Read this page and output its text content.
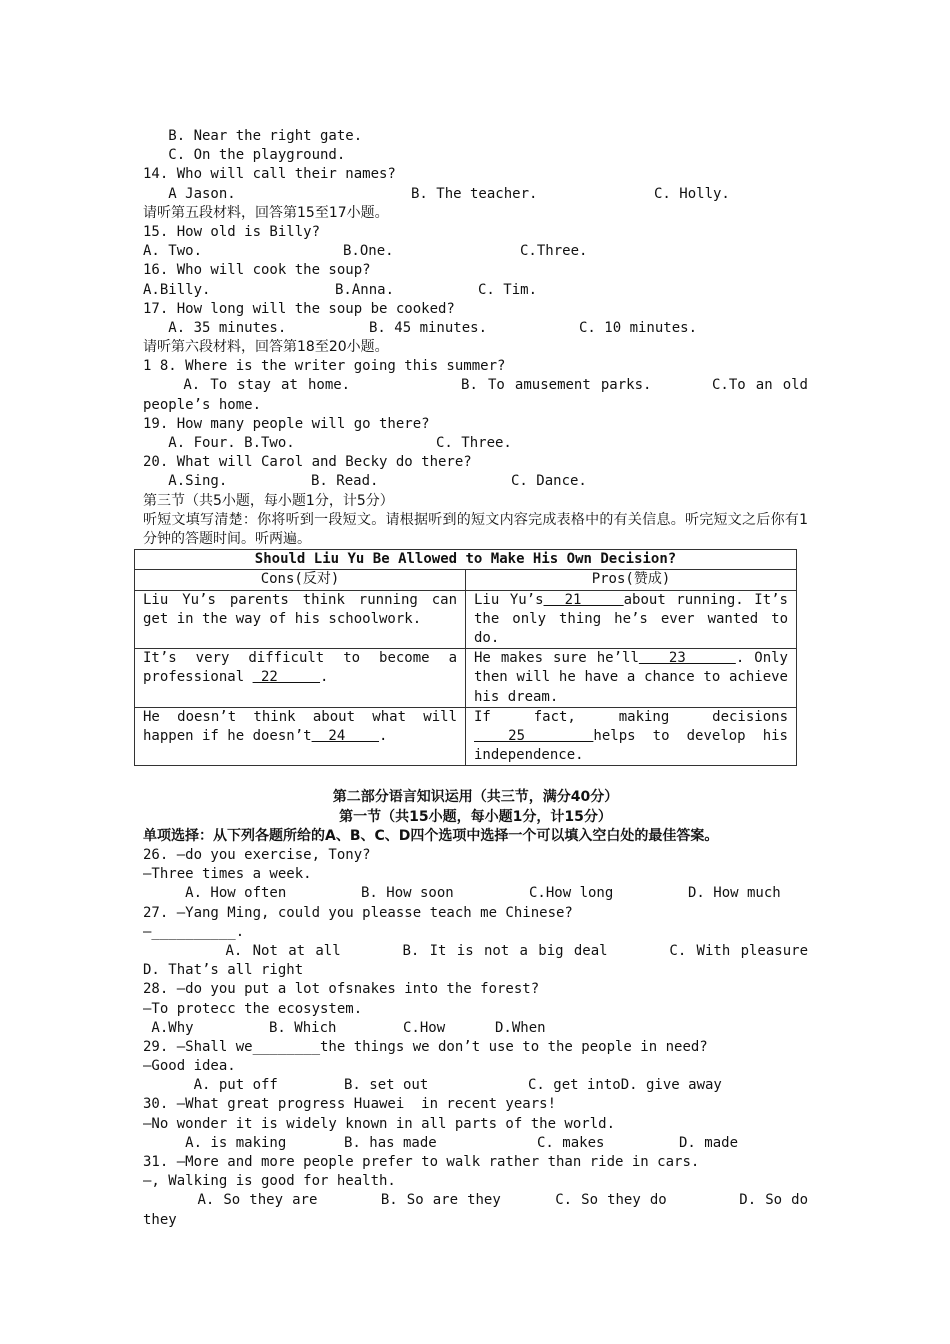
B. Near the right gate.
C. On the playground.
14. Who will call their names?
A Jason.	B. The teacher.	C. Holly.
请听第五段材料，回答第15至17小题。
15. How old is Billy?
A. Two.	B.One.	C.Three.
16. Who will cook the soup?
A.Billy.	B.Anna.	C. Tim.
17. How long will the soup be cooked?
A. 35 minutes.	B. 45 minutes.	C. 10 minutes.
请听第六段材料，回答第18至20小题。
1 8. Where is the writer going this summer?
A. To stay at home.           B. To amusement parks.      C.To an old people’s home.
19. How many people will go there?
A. Four. B.Two.	C. Three.
20. What will Carol and Becky do there?
A.Sing.	B. Read.	C. Dance.
第三节（共5小题，每小题1分，计5分）
听短文填写清楚：你将听到一段短文。请根据听到的短文内容完成表格中的有关信息。听完短文之后你有1分钟的答题时间。听两遍。
Should Liu Yu Be Allowed to Make His Own Decision?	
Cons(反对)	Pros(赞成)
Liu Yu’s parents think running can get in the way of his schoolwork.	Liu Yu’s  21    about running. It’s the only thing he’s ever wanted to do.
It’s very difficult to become a professional  22     .	He makes sure he’ll   23     . Only then will he have a chance to achieve his dream.
He doesn’t think about what will happen if he doesn’t  24    .	If fact, making decisions  25    helps to develop his independence.
第二部分语言知识运用（共三节，满分40分）
第一节（共15小题，每小题1分，计15分）
单项选择：从下列各题所给的A、B、C、D四个选项中选择一个可以填入空白处的最佳答案。
26. —do you exercise, Tony?
—Three times a week.
A. How often	B. How soon	C.How long	D. How much
27. —Yang Ming, could you pleasse teach me Chinese?
—__________.
A. Not at all      B. It is not a big deal      C. With pleasure      D. That’s all right
28. —do you put a lot ofsnakes into the forest?
—To protecc the ecosystem.
A.Why	B. Which	C.How	D.When
29. —Shall we________the things we don’t use to the people in need?
—Good idea.
A. put off	B. set out	C. get intoD. give away
30. —What great progress Huawei  in recent years!
—No wonder it is widely known in all parts of the world.
A. is making	B. has made	C. makes	D. made
31. —More and more people prefer to walk rather than ride in cars.
—, Walking is good for health.
A. So they are       B. So are they      C. So they do        D. So do they
